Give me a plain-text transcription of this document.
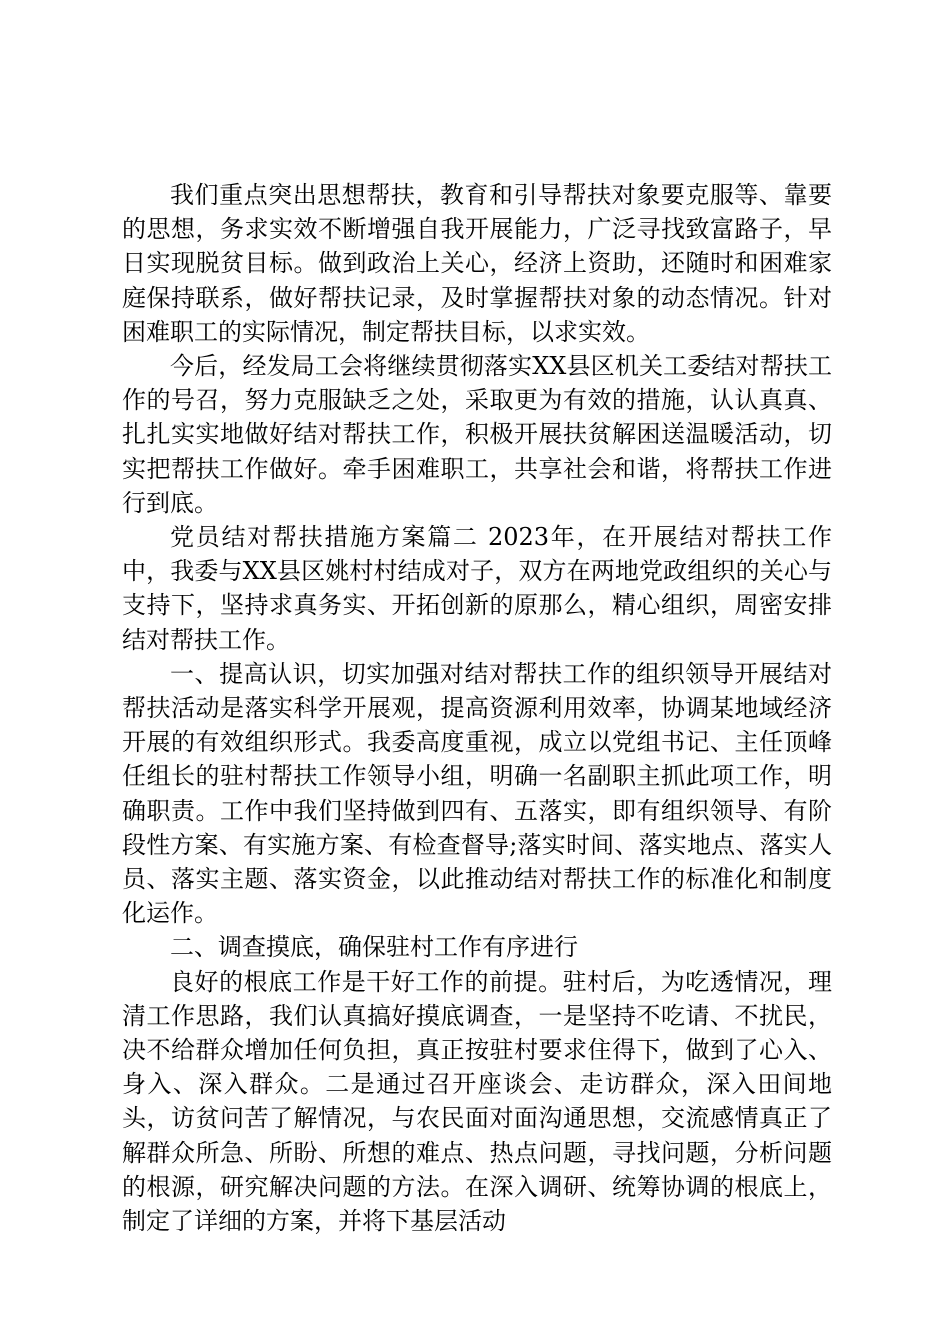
我们重点突出思想帮扶，教育和引导帮扶对象要克服等、靠要的思想，务求实效不断增强自我开展能力，广泛寻找致富路子，早日实现脱贫目标。做到政治上关心，经济上资助，还随时和困难家庭保持联系，做好帮扶记录，及时掌握帮扶对象的动态情况。针对困难职工的实际情况，制定帮扶目标，以求实效。

今后，经发局工会将继续贯彻落实XX县区机关工委结对帮扶工作的号召，努力克服缺乏之处，采取更为有效的措施，认认真真、扎扎实实地做好结对帮扶工作，积极开展扶贫解困送温暖活动，切实把帮扶工作做好。牵手困难职工，共享社会和谐，将帮扶工作进行到底。

党员结对帮扶措施方案篇二 2023年，在开展结对帮扶工作中，我委与XX县区姚村村结成对子，双方在两地党政组织的关心与支持下，坚持求真务实、开拓创新的原那么，精心组织，周密安排结对帮扶工作。

一、提高认识，切实加强对结对帮扶工作的组织领导开展结对帮扶活动是落实科学开展观，提高资源利用效率，协调某地域经济开展的有效组织形式。我委高度重视，成立以党组书记、主任顶峰任组长的驻村帮扶工作领导小组，明确一名副职主抓此项工作，明确职责。工作中我们坚持做到四有、五落实，即有组织领导、有阶段性方案、有实施方案、有检查督导;落实时间、落实地点、落实人员、落实主题、落实资金，以此推动结对帮扶工作的标准化和制度化运作。

二、调查摸底，确保驻村工作有序进行

良好的根底工作是干好工作的前提。驻村后，为吃透情况，理清工作思路，我们认真搞好摸底调查，一是坚持不吃请、不扰民，决不给群众增加任何负担，真正按驻村要求住得下，做到了心入、身入、深入群众。二是通过召开座谈会、走访群众，深入田间地头，访贫问苦了解情况，与农民面对面沟通思想，交流感情真正了解群众所急、所盼、所想的难点、热点问题，寻找问题，分析问题的根源，研究解决问题的方法。在深入调研、统筹协调的根底上，制定了详细的方案，并将下基层活动
